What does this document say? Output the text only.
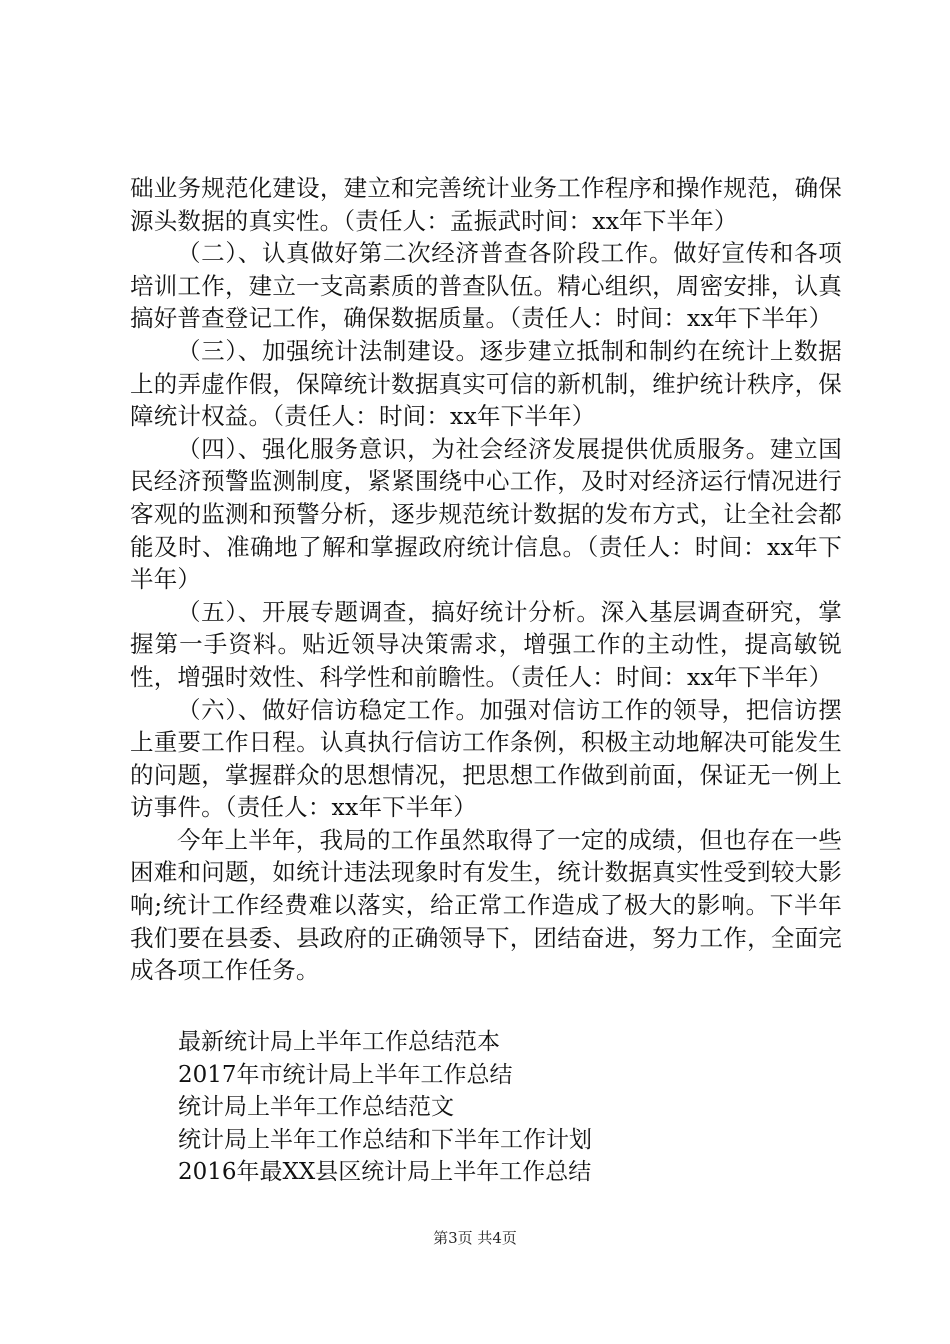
础业务规范化建设，建立和完善统计业务工作程序和操作规范，确保源头数据的真实性。（责任人：孟振武时间：xx年下半年）

（二）、认真做好第二次经济普查各阶段工作。做好宣传和各项培训工作，建立一支高素质的普查队伍。精心组织，周密安排，认真搞好普查登记工作，确保数据质量。（责任人：时间：xx年下半年）

（三）、加强统计法制建设。逐步建立抵制和制约在统计上数据上的弄虚作假，保障统计数据真实可信的新机制，维护统计秩序，保障统计权益。（责任人：时间：xx年下半年）

（四）、强化服务意识，为社会经济发展提供优质服务。建立国民经济预警监测制度，紧紧围绕中心工作，及时对经济运行情况进行客观的监测和预警分析，逐步规范统计数据的发布方式，让全社会都能及时、准确地了解和掌握政府统计信息。（责任人：时间：xx年下半年）

（五）、开展专题调查，搞好统计分析。深入基层调查研究，掌握第一手资料。贴近领导决策需求，增强工作的主动性，提高敏锐性，增强时效性、科学性和前瞻性。（责任人：时间：xx年下半年）

（六）、做好信访稳定工作。加强对信访工作的领导，把信访摆上重要工作日程。认真执行信访工作条例，积极主动地解决可能发生的问题，掌握群众的思想情况，把思想工作做到前面，保证无一例上访事件。（责任人：xx年下半年）

今年上半年，我局的工作虽然取得了一定的成绩，但也存在一些困难和问题，如统计违法现象时有发生，统计数据真实性受到较大影响;统计工作经费难以落实，给正常工作造成了极大的影响。下半年我们要在县委、县政府的正确领导下，团结奋进，努力工作，全面完成各项工作任务。

最新统计局上半年工作总结范本
2017年市统计局上半年工作总结
统计局上半年工作总结范文
统计局上半年工作总结和下半年工作计划
2016年最XX县区统计局上半年工作总结
第3页 共4页
